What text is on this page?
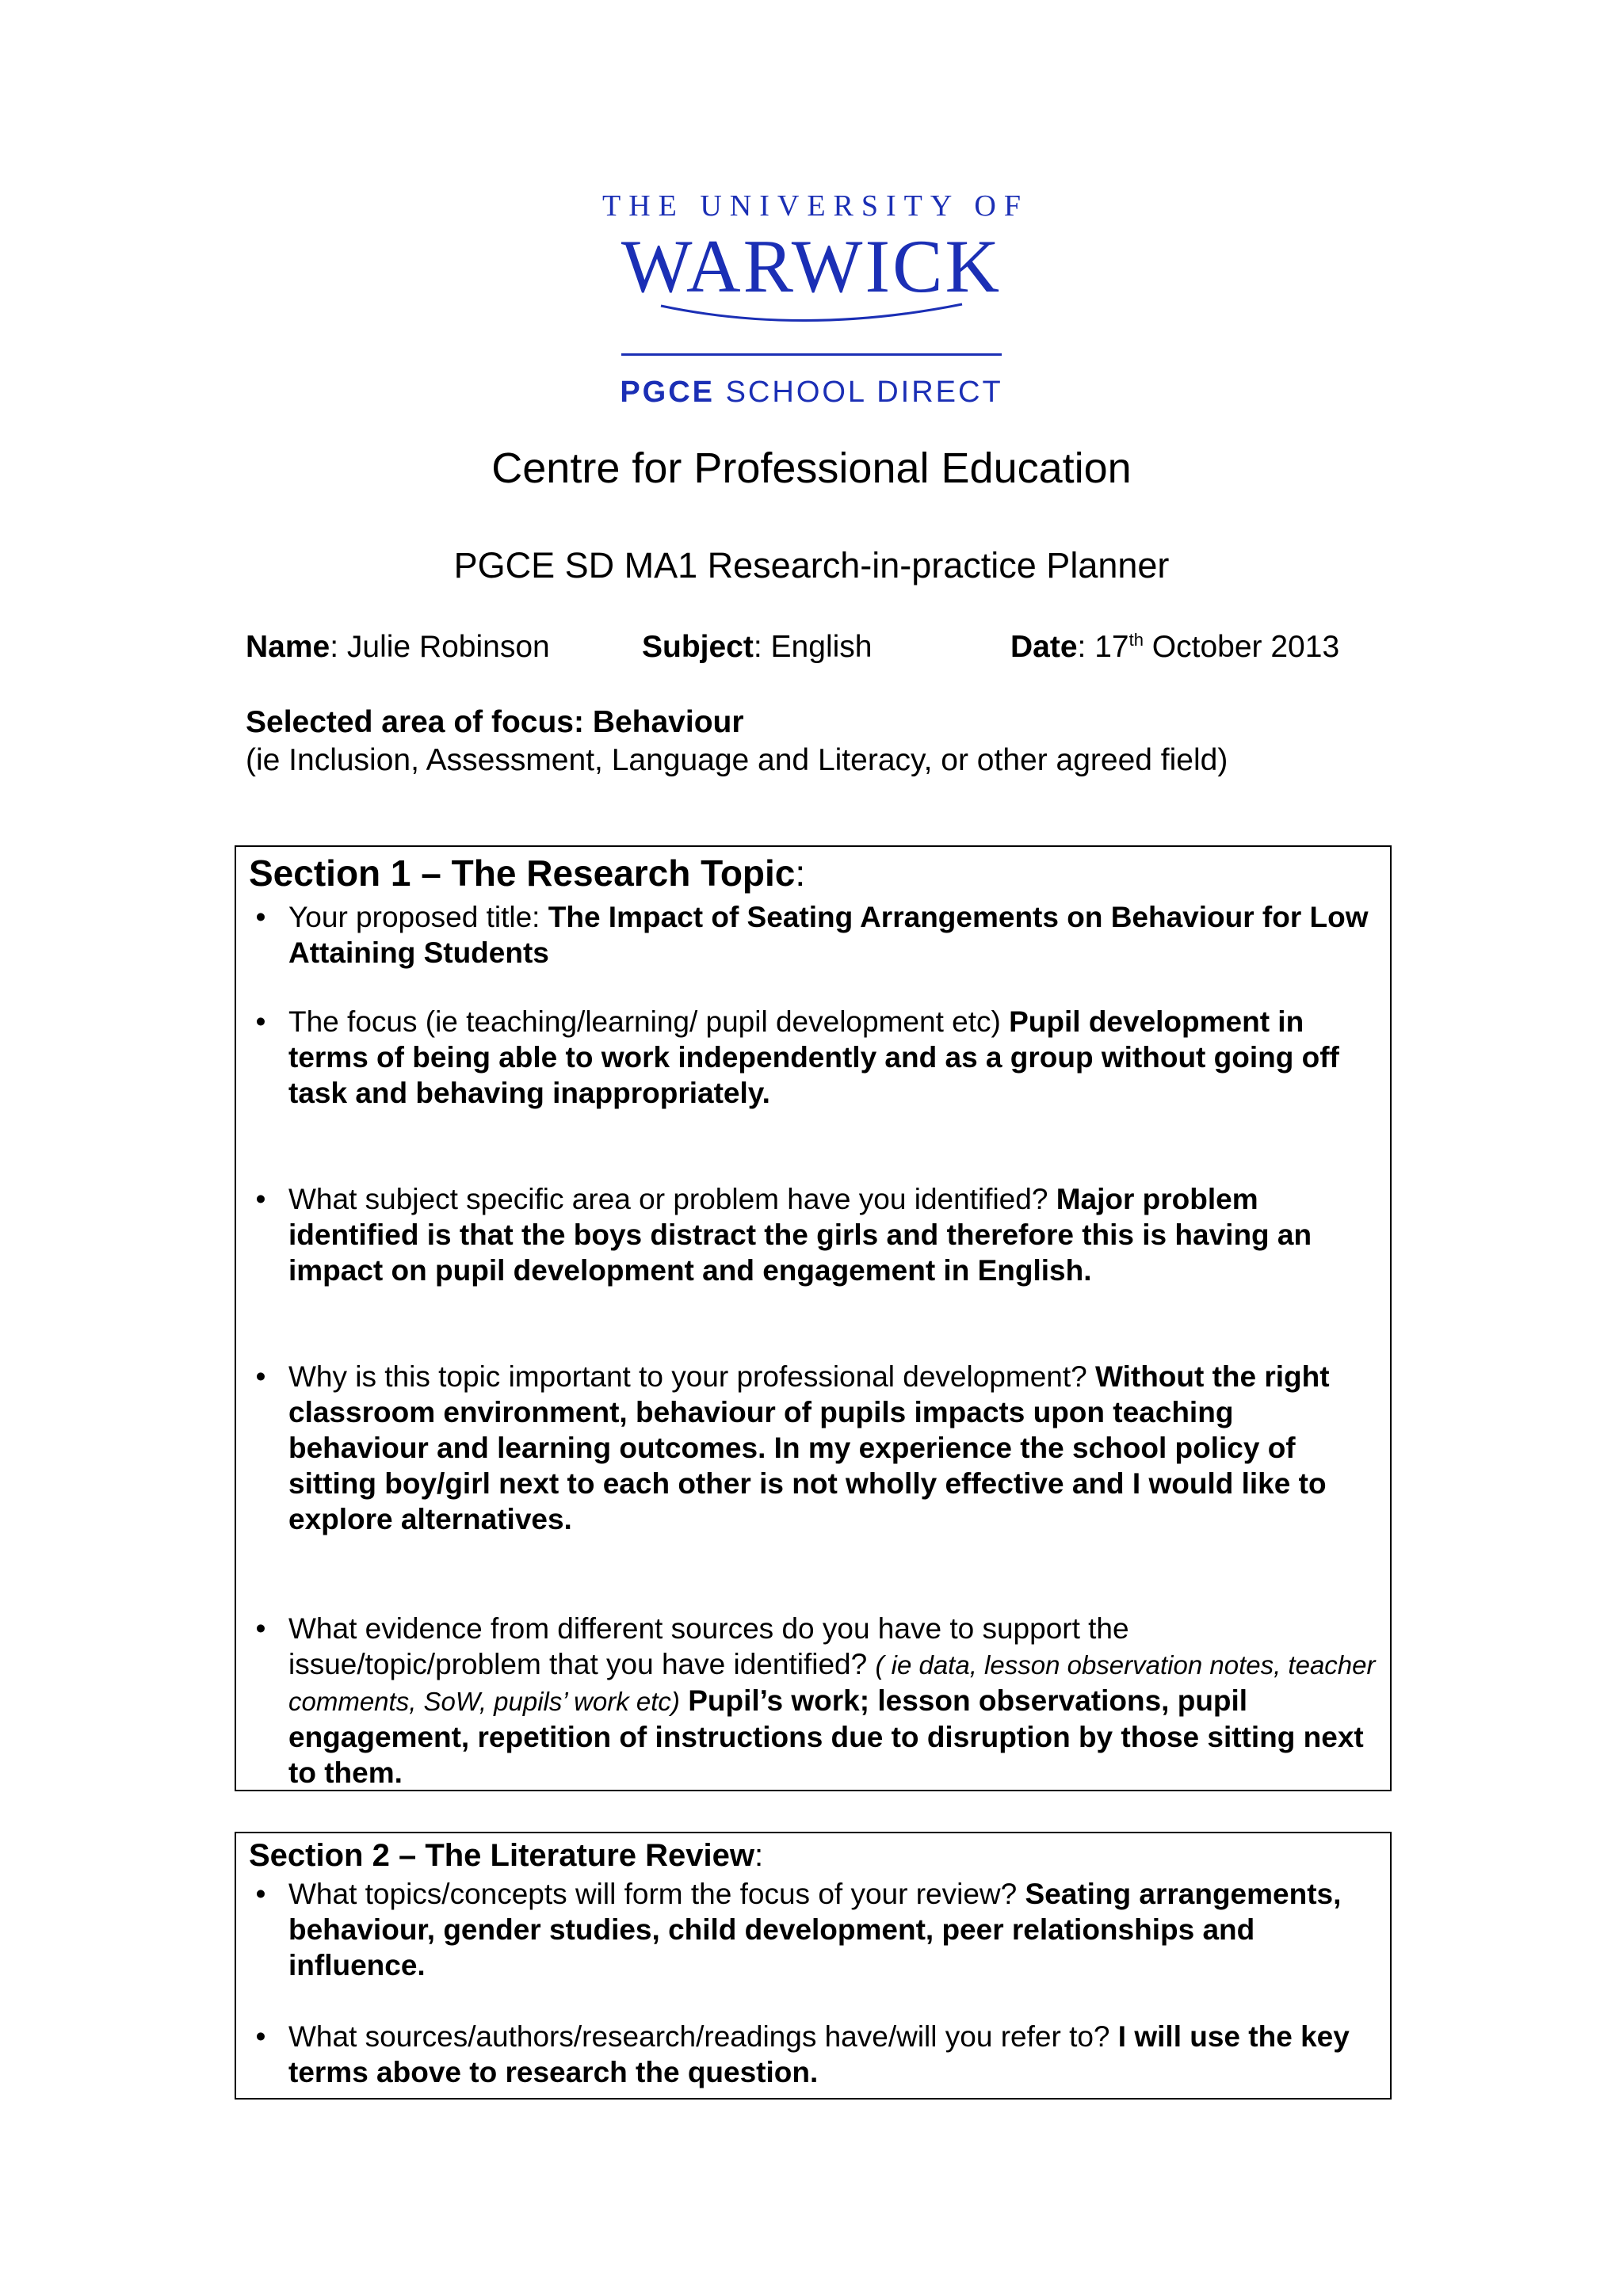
THE UNIVERSITY OF
WARWICK
PGCE SCHOOL DIRECT
Centre for Professional Education
PGCE SD MA1 Research-in-practice Planner
Name: Julie Robinson	Subject: English	Date: 17th October 2013
Selected area of focus: Behaviour
(ie Inclusion, Assessment, Language and Literacy, or other agreed field)
Section 1 – The Research Topic:
• Your proposed title: The Impact of Seating Arrangements on Behaviour for Low Attaining Students
• The focus (ie teaching/learning/ pupil development etc) Pupil development in terms of being able to work independently and as a group without going off task and behaving inappropriately.
• What subject specific area or problem have you identified? Major problem identified is that the boys distract the girls and therefore this is having an impact on pupil development and engagement in English.
• Why is this topic important to your professional development? Without the right classroom environment, behaviour of pupils impacts upon teaching behaviour and learning outcomes. In my experience the school policy of sitting boy/girl next to each other is not wholly effective and I would like to explore alternatives.
• What evidence from different sources do you have to support the issue/topic/problem that you have identified? ( ie data, lesson observation notes, teacher comments, SoW, pupils’ work etc) Pupil’s work; lesson observations, pupil engagement, repetition of instructions due to disruption by those sitting next to them.
Section 2 – The Literature Review:
• What topics/concepts will form the focus of your review? Seating arrangements, behaviour, gender studies, child development, peer relationships and influence.
• What sources/authors/research/readings have/will you refer to? I will use the key terms above to research the question.
